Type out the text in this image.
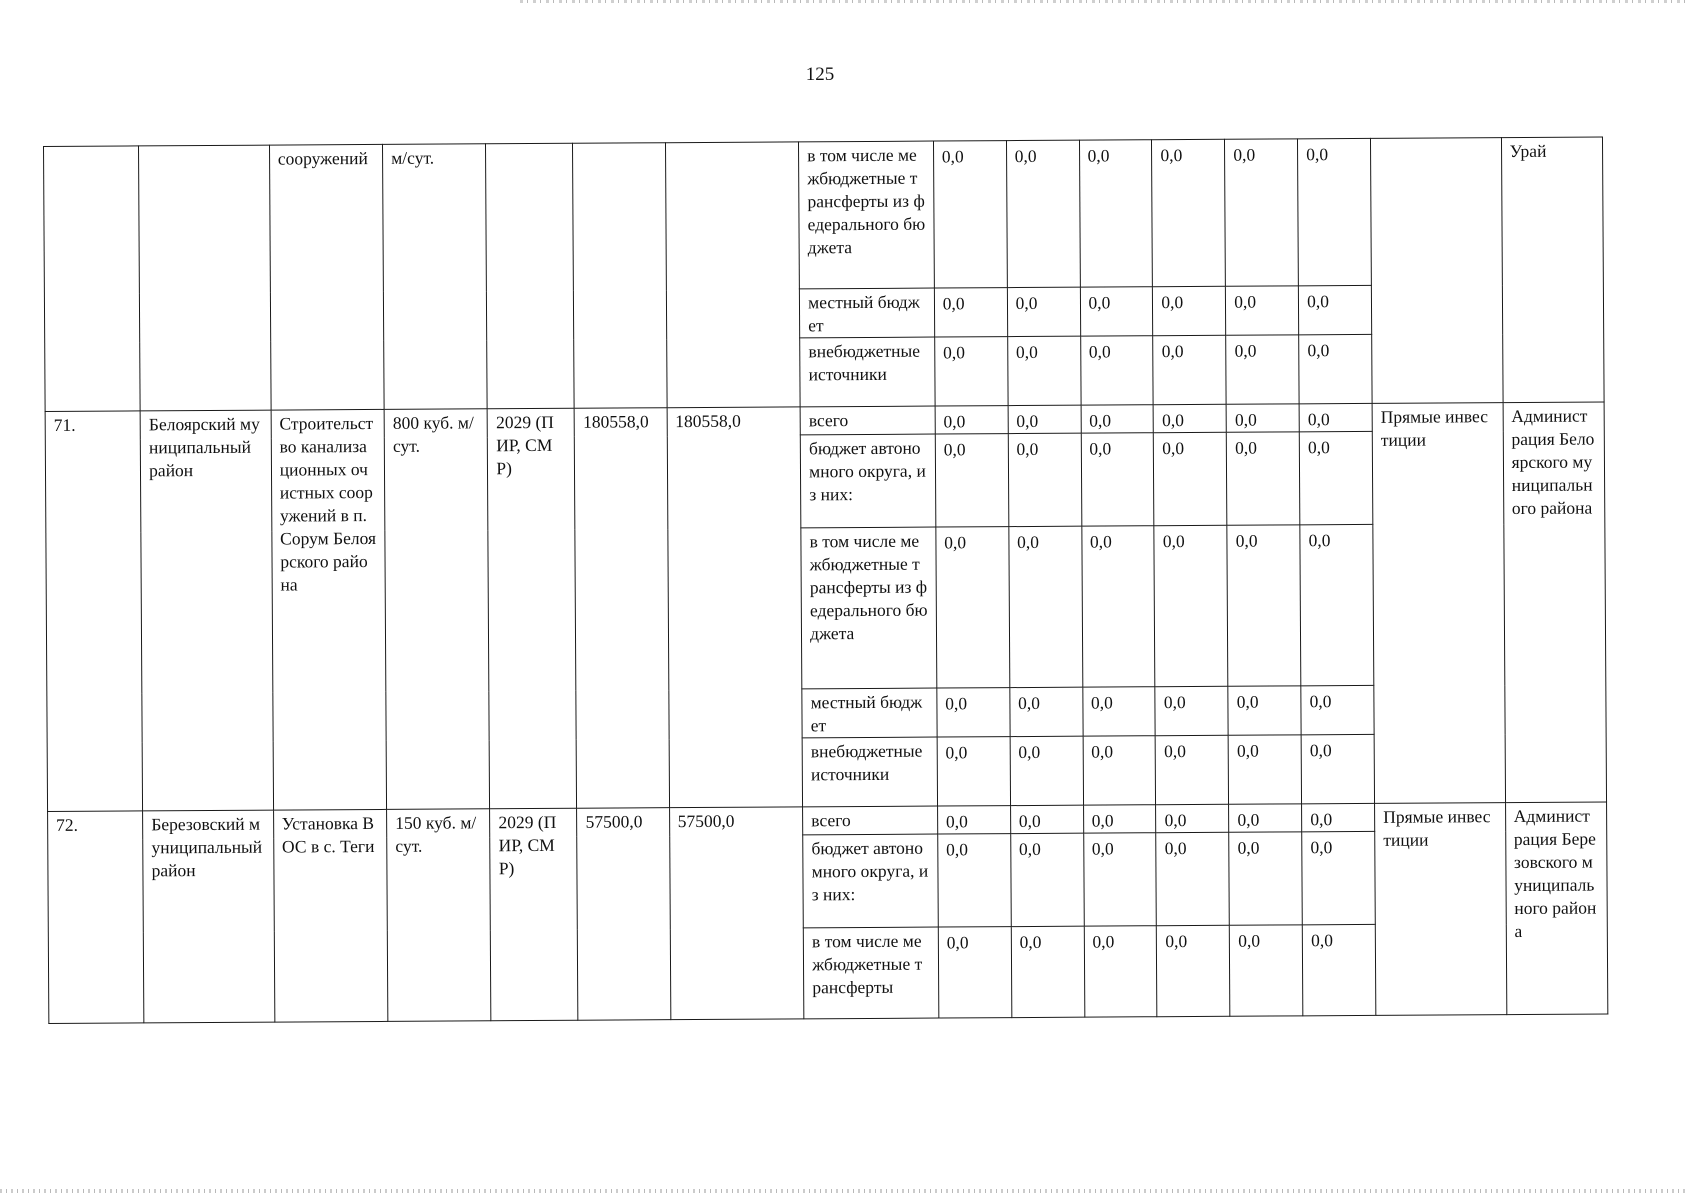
125
		сооружений	м/сут.				в том числе межбюджетные трансферты из федерального бюджета	0,0	0,0	0,0	0,0	0,0	0,0		Урай
							местный бюджет	0,0	0,0	0,0	0,0	0,0	0,0		
							внебюджетные источники	0,0	0,0	0,0	0,0	0,0	0,0		
71.	Белоярский муниципальный район	Строительство канализационных очистных сооружений в п. Сорум Белоярского района	800 куб. м/сут.	2029 (ПИР, СМР)	180558,0	180558,0	всего	0,0	0,0	0,0	0,0	0,0	0,0	Прямые инвестиции	Администрация Белоярского муниципального района
							бюджет автономного округа, из них:	0,0	0,0	0,0	0,0	0,0	0,0		
							в том числе межбюджетные трансферты из федерального бюджета	0,0	0,0	0,0	0,0	0,0	0,0		
							местный бюджет	0,0	0,0	0,0	0,0	0,0	0,0		
							внебюджетные источники	0,0	0,0	0,0	0,0	0,0	0,0		
72.	Березовский муниципальный район	Установка ВОС в с. Теги	150 куб. м/сут.	2029 (ПИР, СМР)	57500,0	57500,0	всего	0,0	0,0	0,0	0,0	0,0	0,0	Прямые инвестиции	Администрация Березовского муниципального района
							бюджет автономного округа, из них:	0,0	0,0	0,0	0,0	0,0	0,0		
							в том числе межбюджетные трансферты	0,0	0,0	0,0	0,0	0,0	0,0		
